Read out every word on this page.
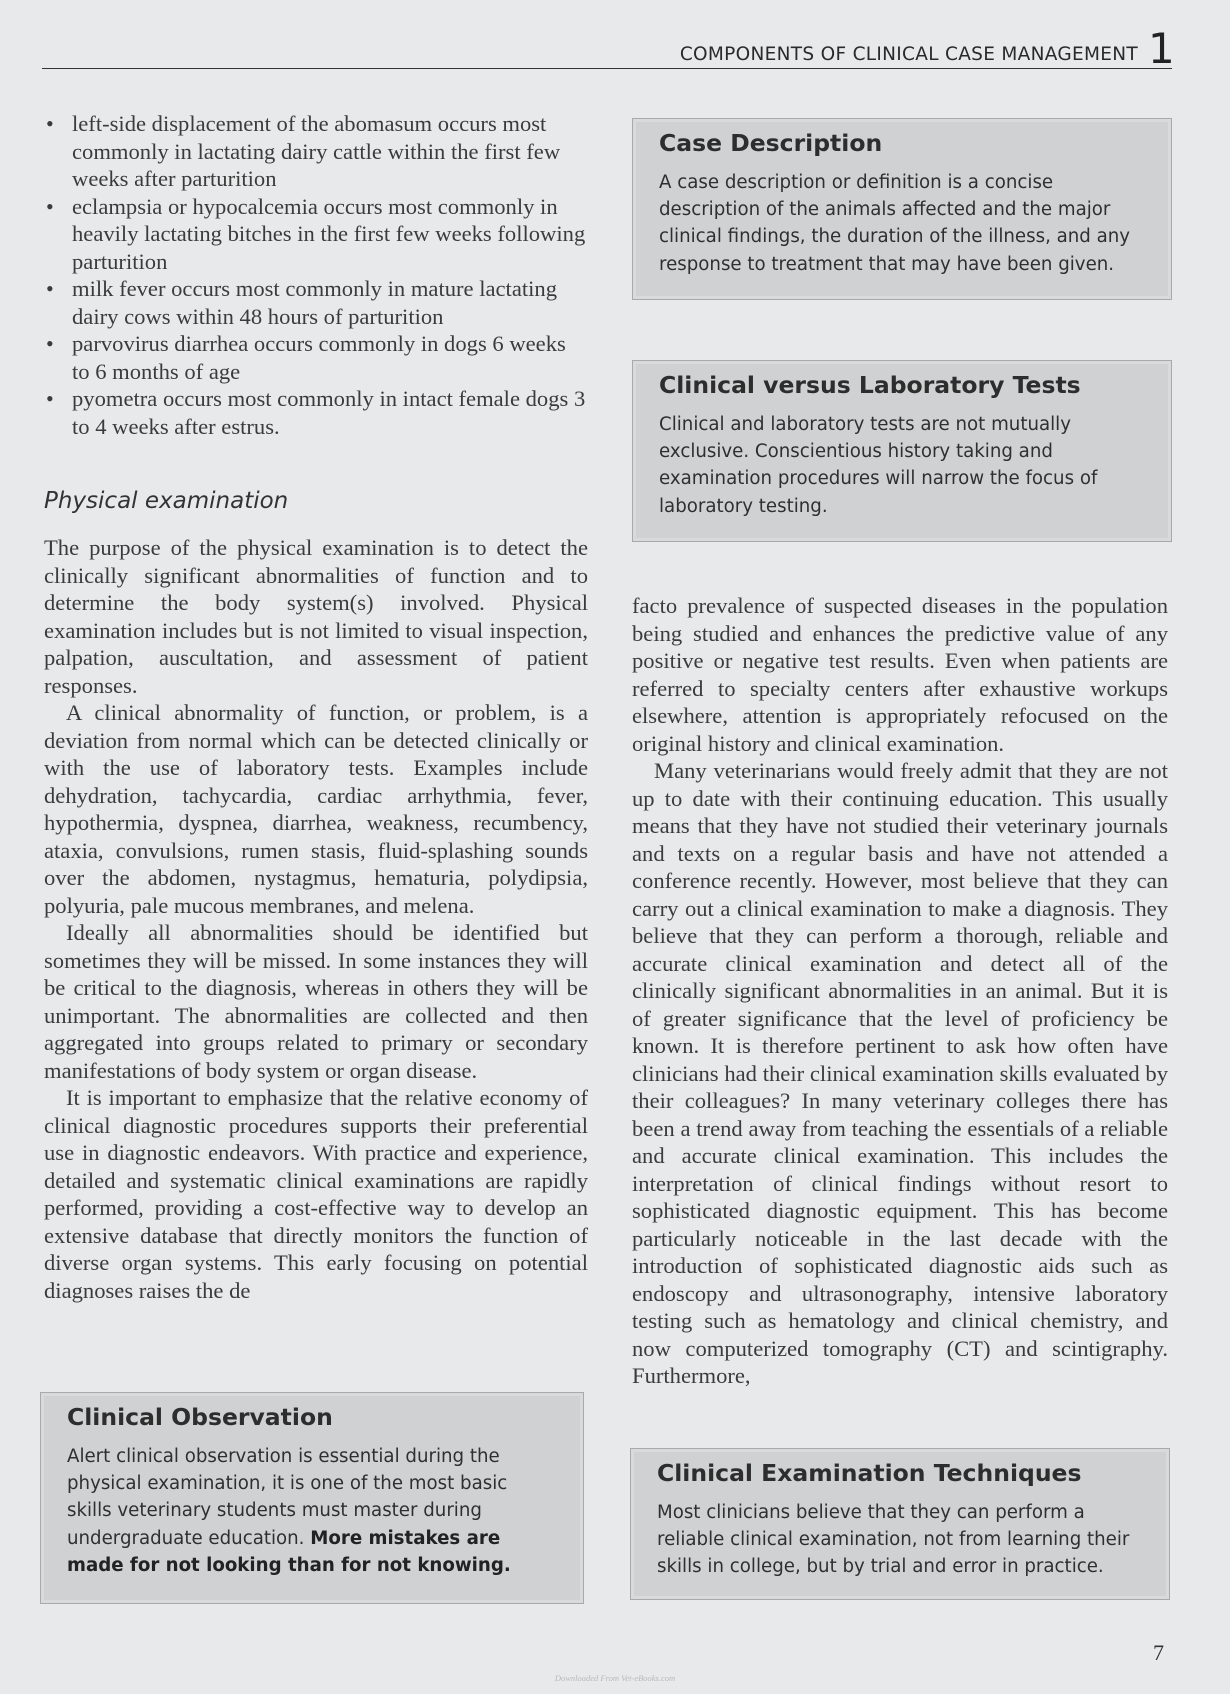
COMPONENTS OF CLINICAL CASE MANAGEMENT 1
• left-side displacement of the abomasum occurs most commonly in lactating dairy cattle within the first few weeks after parturition
• eclampsia or hypocalcemia occurs most commonly in heavily lactating bitches in the first few weeks following parturition
• milk fever occurs most commonly in mature lactating dairy cows within 48 hours of parturition
• parvovirus diarrhea occurs commonly in dogs 6 weeks to 6 months of age
• pyometra occurs most commonly in intact female dogs 3 to 4 weeks after estrus.
Physical examination

The purpose of the physical examination is to detect the clinically significant abnormalities of function and to determine the body system(s) involved. Physical examination includes but is not limited to visual inspection, palpation, auscultation, and assessment of patient responses.

A clinical abnormality of function, or problem, is a deviation from normal which can be detected clinically or with the use of laboratory tests. Examples include dehydration, tachycardia, cardiac arrhythmia, fever, hypothermia, dyspnea, diarrhea, weakness, recumbency, ataxia, convulsions, rumen stasis, fluid-splashing sounds over the abdomen, nystagmus, hematuria, polydipsia, polyuria, pale mucous membranes, and melena.

Ideally all abnormalities should be identified but sometimes they will be missed. In some instances they will be critical to the diagnosis, whereas in others they will be unimportant. The abnormalities are collected and then aggregated into groups related to primary or secondary manifestations of body system or organ disease.

It is important to emphasize that the relative economy of clinical diagnostic procedures supports their preferential use in diagnostic endeavors. With practice and experience, detailed and systematic clinical examinations are rapidly performed, providing a cost-effective way to develop an extensive database that directly monitors the function of diverse organ systems. This early focusing on potential diagnoses raises the de

facto prevalence of suspected diseases in the population being studied and enhances the predictive value of any positive or negative test results. Even when patients are referred to specialty centers after exhaustive workups elsewhere, attention is appropriately refocused on the original history and clinical examination.

Many veterinarians would freely admit that they are not up to date with their continuing education. This usually means that they have not studied their veterinary journals and texts on a regular basis and have not attended a conference recently. However, most believe that they can carry out a clinical examination to make a diagnosis. They believe that they can perform a thorough, reliable and accurate clinical examination and detect all of the clinically significant abnormalities in an animal. But it is of greater significance that the level of proficiency be known. It is therefore pertinent to ask how often have clinicians had their clinical examination skills evaluated by their colleagues? In many veterinary colleges there has been a trend away from teaching the essentials of a reliable and accurate clinical examination. This includes the interpretation of clinical findings without resort to sophisticated diagnostic equipment. This has become particularly noticeable in the last decade with the introduction of sophisticated diagnostic aids such as endoscopy and ultrasonography, intensive laboratory testing such as hematology and clinical chemistry, and now computerized tomography (CT) and scintigraphy. Furthermore,

Case Description

A case description or definition is a concise description of the animals affected and the major clinical findings, the duration of the illness, and any response to treatment that may have been given.

Clinical versus Laboratory Tests

Clinical and laboratory tests are not mutually exclusive. Conscientious history taking and examination procedures will narrow the focus of laboratory testing.

Clinical Observation

Alert clinical observation is essential during the physical examination, it is one of the most basic skills veterinary students must master during undergraduate education. More mistakes are made for not looking than for not knowing.

Clinical Examination Techniques

Most clinicians believe that they can perform a reliable clinical examination, not from learning their skills in college, but by trial and error in practice.

7
Downloaded From Vet-eBooks.com
